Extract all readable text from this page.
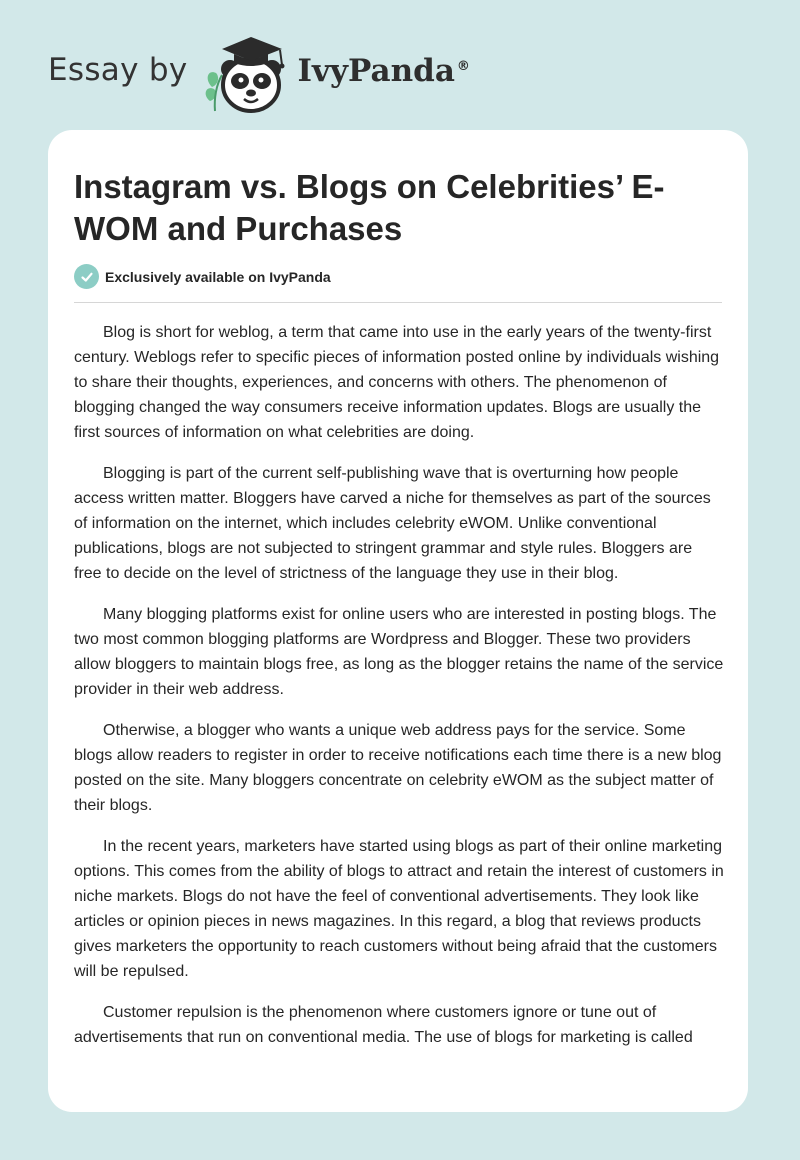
Essay by	IvyPanda ®
Instagram vs. Blogs on Celebrities’ E-WOM and Purchases
Exclusively available on IvyPanda

Blog is short for weblog, a term that came into use in the early years of the twenty-first century. Weblogs refer to specific pieces of information posted online by individuals wishing to share their thoughts, experiences, and concerns with others. The phenomenon of blogging changed the way consumers receive information updates. Blogs are usually the first sources of information on what celebrities are doing.

Blogging is part of the current self-publishing wave that is overturning how people access written matter. Bloggers have carved a niche for themselves as part of the sources of information on the internet, which includes celebrity eWOM. Unlike conventional publications, blogs are not subjected to stringent grammar and style rules. Bloggers are free to decide on the level of strictness of the language they use in their blog.

Many blogging platforms exist for online users who are interested in posting blogs. The two most common blogging platforms are Wordpress and Blogger. These two providers allow bloggers to maintain blogs free, as long as the blogger retains the name of the service provider in their web address.

Otherwise, a blogger who wants a unique web address pays for the service. Some blogs allow readers to register in order to receive notifications each time there is a new blog posted on the site. Many bloggers concentrate on celebrity eWOM as the subject matter of their blogs.

In the recent years, marketers have started using blogs as part of their online marketing options. This comes from the ability of blogs to attract and retain the interest of customers in niche markets. Blogs do not have the feel of conventional advertisements. They look like articles or opinion pieces in news magazines. In this regard, a blog that reviews products gives marketers the opportunity to reach customers without being afraid that the customers will be repulsed.

Customer repulsion is the phenomenon where customers ignore or tune out of advertisements that run on conventional media. The use of blogs for marketing is called
